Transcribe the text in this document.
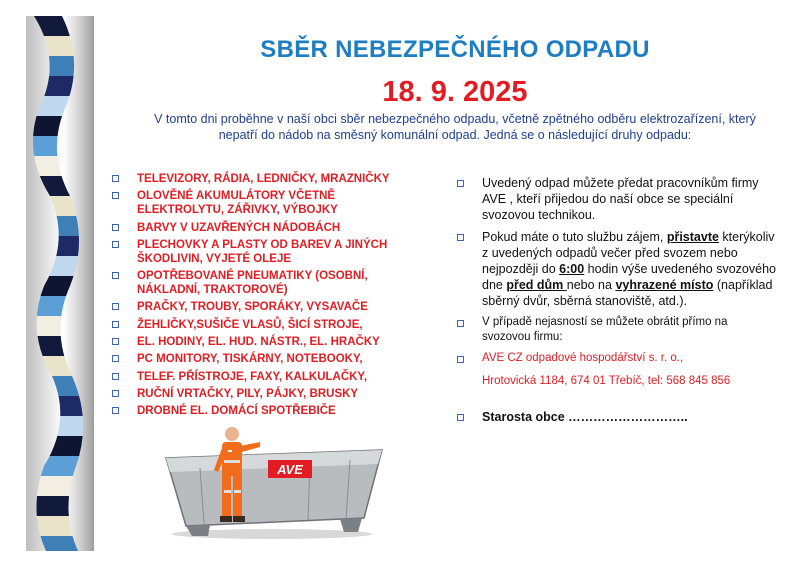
SBĚR NEBEZPEČNÉHO ODPADU
18. 9. 2025
V tomto dni proběhne v naší obci sběr nebezpečného odpadu, včetně zpětného odběru elektrozařízení, který
nepatří do nádob na směsný komunální odpad. Jedná se o následující druhy odpadu:
TELEVIZORY, RÁDIA, LEDNIČKY, MRAZNIČKY
OLOVĚNÉ AKUMULÁTORY VČETNĚ ELEKTROLYTU, ZÁŘIVKY, VÝBOJKY
BARVY V UZAVŘENÝCH NÁDOBÁCH
PLECHOVKY A PLASTY OD BAREV A JINÝCH ŠKODLIVIN, VYJETÉ OLEJE
OPOTŘEBOVANÉ PNEUMATIKY (OSOBNÍ, NÁKLADNÍ, TRAKTOROVÉ)
PRAČKY, TROUBY, SPORÁKY, VYSAVAČE
ŽEHLIČKY,SUŠIČE VLASŮ, ŠICÍ STROJE,
EL. HODINY, EL. HUD. NÁSTR., EL. HRAČKY
PC MONITORY, TISKÁRNY, NOTEBOOKY,
TELEF. PŘÍSTROJE, FAXY, KALKULAČKY,
RUČNÍ VRTAČKY, PILY, PÁJKY, BRUSKY
DROBNÉ EL. DOMÁCÍ SPOTŘEBIČE
Uvedený odpad můžete předat pracovníkům firmy AVE , kteří přijedou do naší obce se speciální svozovou technikou.
Pokud máte o tuto službu zájem, přistavte kterýkoliv z uvedených odpadů večer před svozem nebo nejpozději do 6:00 hodin výše uvedeného svozového dne před dům nebo na vyhrazené místo (například sběrný dvůr, sběrná stanoviště, atd.).
V případě nejasností se můžete obrátit přímo na svozovou firmu:
AVE CZ odpadové hospodářství s. r. o.,
Hrotovická 1184, 674 01 Třebíč, tel: 568 845 856
Starosta obce ………………………..
AVE
